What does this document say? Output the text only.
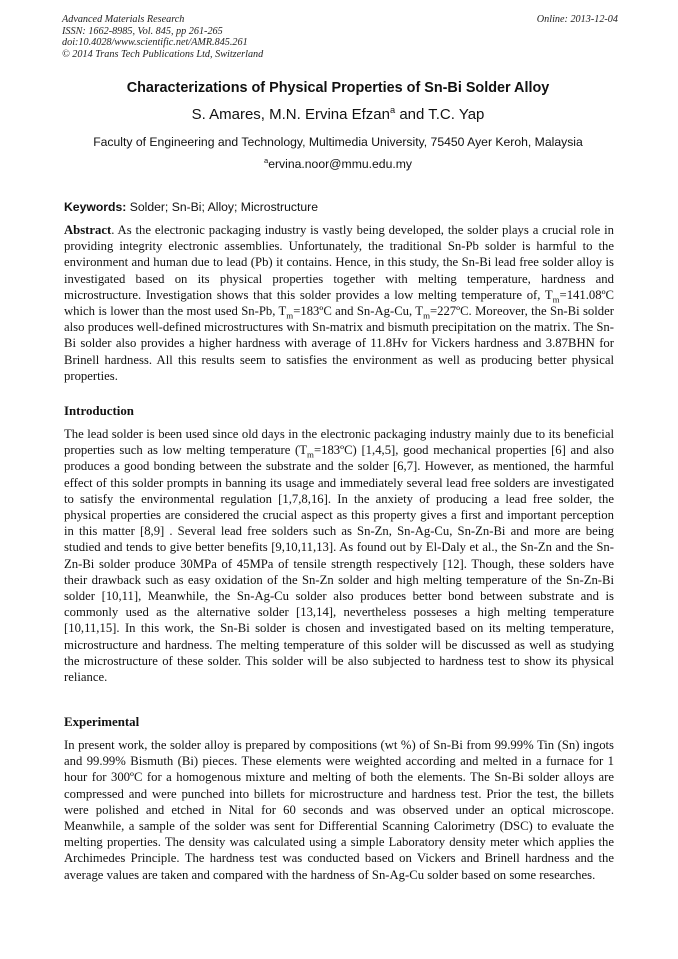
Advanced Materials Research
ISSN: 1662-8985, Vol. 845, pp 261-265
doi:10.4028/www.scientific.net/AMR.845.261
© 2014 Trans Tech Publications Ltd, Switzerland
Online: 2013-12-04
Characterizations of Physical Properties of Sn-Bi Solder Alloy
S. Amares, M.N. Ervina Efzan$^a$ and T.C. Yap
Faculty of Engineering and Technology, Multimedia University, 75450 Ayer Keroh, Malaysia
$^a$ervina.noor@mmu.edu.my
Keywords: Solder; Sn-Bi; Alloy; Microstructure
Abstract. As the electronic packaging industry is vastly being developed, the solder plays a crucial role in providing integrity electronic assemblies. Unfortunately, the traditional Sn-Pb solder is harmful to the environment and human due to lead (Pb) it contains. Hence, in this study, the Sn-Bi lead free solder alloy is investigated based on its physical properties together with melting temperature, hardness and microstructure. Investigation shows that this solder provides a low melting temperature of, $T_m=141.08ºC$ which is lower than the most used Sn-Pb, $T_m=183ºC$ and Sn-Ag-Cu, $T_m=227ºC$. Moreover, the Sn-Bi solder also produces well-defined microstructures with Sn-matrix and bismuth precipitation on the matrix. The Sn-Bi solder also provides a higher hardness with average of 11.8Hv for Vickers hardness and 3.87BHN for Brinell hardness. All this results seem to satisfies the environment as well as producing better physical properties.
Introduction
The lead solder is been used since old days in the electronic packaging industry mainly due to its beneficial properties such as low melting temperature $(T_m=183ºC)$ [1,4,5], good mechanical properties [6] and also produces a good bonding between the substrate and the solder [6,7]. However, as mentioned, the harmful effect of this solder prompts in banning its usage and immediately several lead free solders are investigated to satisfy the environmental regulation [1,7,8,16]. In the anxiety of producing a lead free solder, the physical properties are considered the crucial aspect as this property gives a first and important perception in this matter [8,9] . Several lead free solders such as Sn-Zn, Sn-Ag-Cu, Sn-Zn-Bi and more are being studied and tends to give better benefits [9,10,11,13]. As found out by El-Daly et al., the Sn-Zn and the Sn-Zn-Bi solder produce 30MPa of 45MPa of tensile strength respectively [12]. Though, these solders have their drawback such as easy oxidation of the Sn-Zn solder and high melting temperature of the Sn-Zn-Bi solder [10,11], Meanwhile, the Sn-Ag-Cu solder also produces better bond between substrate and is commonly used as the alternative solder [13,14], nevertheless posseses a high melting temperature [10,11,15]. In this work, the Sn-Bi solder is chosen and investigated based on its melting temperature, microstructure and hardness. The melting temperature of this solder will be discussed as well as studying the microstructure of these solder. This solder will be also subjected to hardness test to show its physical reliance.
Experimental
In present work, the solder alloy is prepared by compositions (wt %) of Sn-Bi from 99.99% Tin (Sn) ingots and 99.99% Bismuth (Bi) pieces. These elements were weighted according and melted in a furnace for 1 hour for 300ºC for a homogenous mixture and melting of both the elements. The Sn-Bi solder alloys are compressed and were punched into billets for microstructure and hardness test. Prior the test, the billets were polished and etched in Nital for 60 seconds and was observed under an optical microscope. Meanwhile, a sample of the solder was sent for Differential Scanning Calorimetry (DSC) to evaluate the melting properties. The density was calculated using a simple Laboratory density meter which applies the Archimedes Principle. The hardness test was conducted based on Vickers and Brinell hardness and the average values are taken and compared with the hardness of Sn-Ag-Cu solder based on some researches.
